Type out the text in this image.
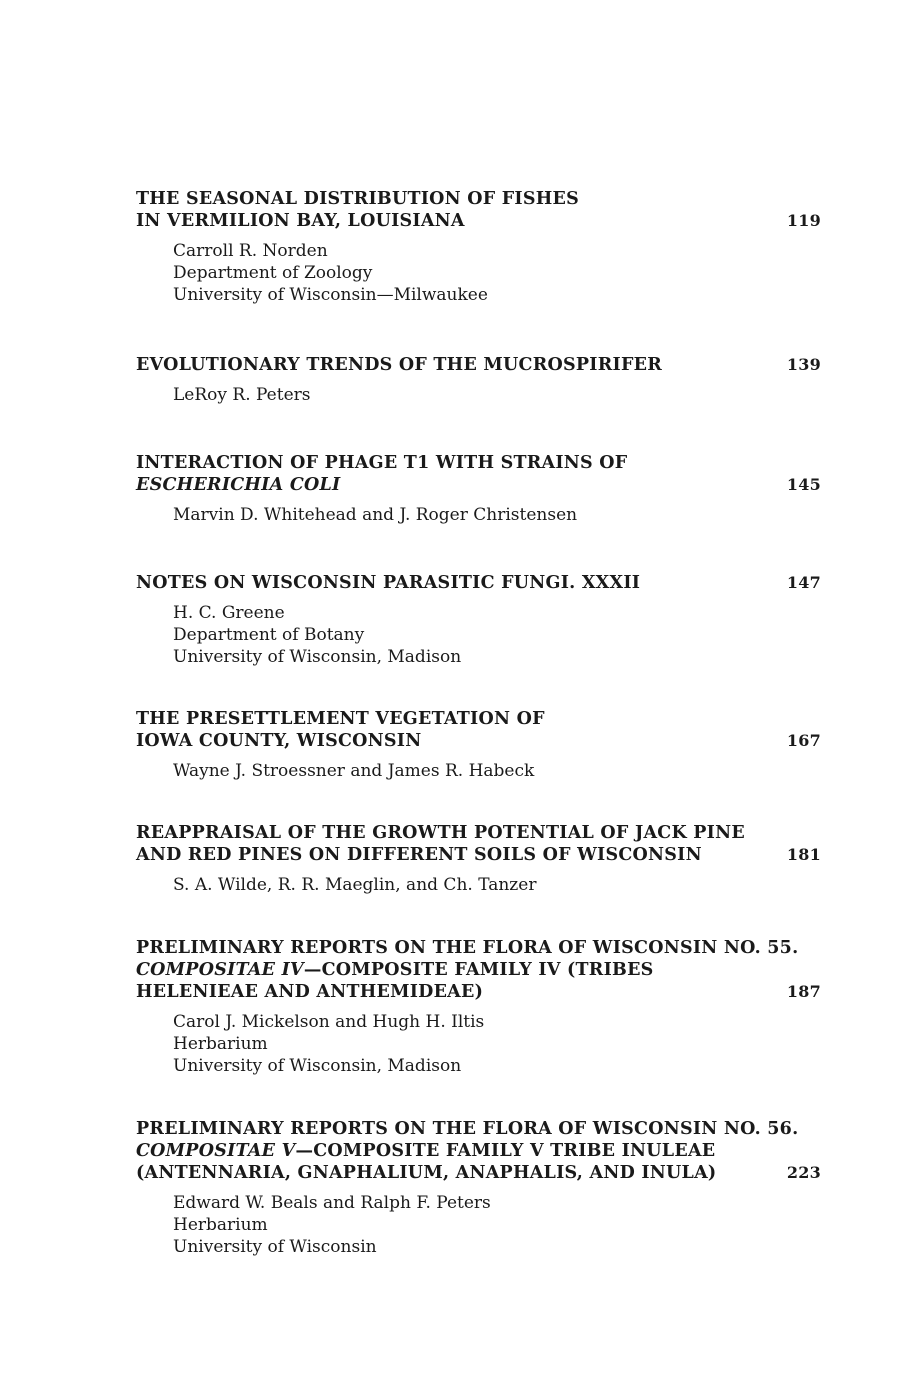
THE SEASONAL DISTRIBUTION OF FISHES
IN VERMILION BAY, LOUISIANA	119
Carroll R. Norden
Department of Zoology
University of Wisconsin—Milwaukee
EVOLUTIONARY TRENDS OF THE MUCROSPIRIFER	139
LeRoy R. Peters
INTERACTION OF PHAGE T1 WITH STRAINS OF
ESCHERICHIA COLI	145
Marvin D. Whitehead and J. Roger Christensen
NOTES ON WISCONSIN PARASITIC FUNGI. XXXII	147
H. C. Greene
Department of Botany
University of Wisconsin, Madison
THE PRESETTLEMENT VEGETATION OF
IOWA COUNTY, WISCONSIN	167
Wayne J. Stroessner and James R. Habeck
REAPPRAISAL OF THE GROWTH POTENTIAL OF JACK PINE
AND RED PINES ON DIFFERENT SOILS OF WISCONSIN	181
S. A. Wilde, R. R. Maeglin, and Ch. Tanzer
PRELIMINARY REPORTS ON THE FLORA OF WISCONSIN NO. 55.
COMPOSITAE IV—COMPOSITE FAMILY IV (TRIBES
HELENIEAE AND ANTHEMIDEAE)	187
Carol J. Mickelson and Hugh H. Iltis
Herbarium
University of Wisconsin, Madison
PRELIMINARY REPORTS ON THE FLORA OF WISCONSIN NO. 56.
COMPOSITAE V—COMPOSITE FAMILY V TRIBE INULEAE
(ANTENNARIA, GNAPHALIUM, ANAPHALIS, AND INULA)	223
Edward W. Beals and Ralph F. Peters
Herbarium
University of Wisconsin
